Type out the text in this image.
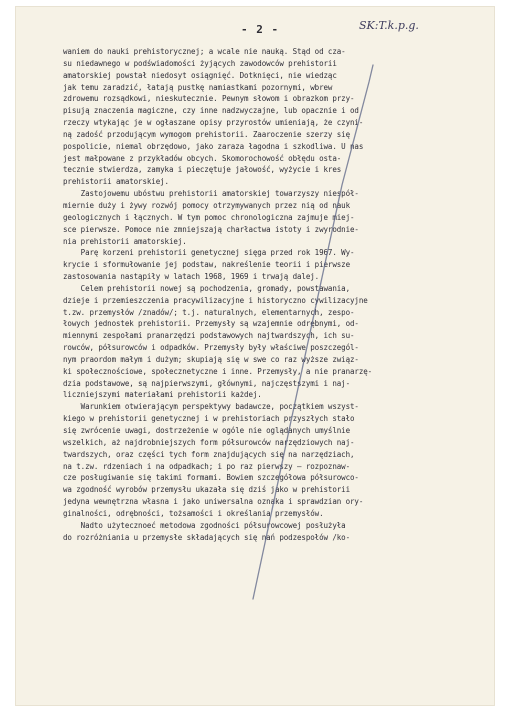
- 2 -	SK:T.k.p.g.
waniem do nauki prehistorycznej; a wcale nie nauką. Stąd od cza-
su niedawnego w podświadomości żyjących zawodowców prehistorii
amatorskiej powstał niedosyt osiągnięć. Dotknięci, nie wiedząc
jak temu zaradzić, łatają pustkę namiastkami pozornymi, wbrew
zdrowemu rozsądkowi, nieskutecznie. Pewnym słowom i obrazkom przy-
pisują znaczenia magiczne, czy inne nadzwyczajne, lub opacznie i od
rzeczy wtykając je w ogłaszane opisy przyrostów umieniają, że czyni-
ną zadość przodującym wymogom prehistorii. Zaaroczenie szerzy się
pospolicie, niemal obrzędowo, jako zaraza łagodna i szkodliwa. U nas
jest małpowane z przykładów obcych. Skomorochowość obłędu osta-
tecznie stwierdza, zamyka i pieczętuje jałowość, wyżycie i kres
prehistorii amatorskiej.
Zastojowemu ubóstwu prehistorii amatorskiej towarzyszy niespół-
miernie duży i żywy rozwój pomocy otrzymywanych przez nią od nauk
geologicznych i łącznych. W tym pomoc chronologiczna zajmuje miej-
sce pierwsze. Pomoce nie zmniejszają charłactwa istoty i zwyrodnie-
nia prehistorii amatorskiej.
Parę korzeni prehistorii genetycznej sięga przed rok 1967. Wy-
krycie i sformułowanie jej podstaw, nakreślenie teorii i pierwsze
zastosowania nastąpiły w latach 1968, 1969 i trwają dalej.
Celem prehistorii nowej są pochodzenia, gromady, powstawania,
dzieje i przemieszczenia pracywilizacyjne i historyczno cywilizacyjne
t.zw. przemysłów /znadów/; t.j. naturalnych, elementarnych, zespo-
łowych jednostek prehistorii. Przemysły są wzajemnie odrębnymi, od-
miennymi zespołami pranarzędzi podstawowych najtwardszych, ich su-
rowców, półsurowców i odpadków. Przemysły były właściwe poszczegól-
nym praordom małym i dużym; skupiają się w swe co raz wyższe związ-
ki społecznościowe, społecznetyczne i inne. Przemysły, a nie pranarzę-
dzia podstawowe, są najpierwszymi, głównymi, najczęstszymi i naj-
liczniejszymi materiałami prehistorii każdej.
Warunkiem otwierającym perspektywy badawcze, początkiem wszyst-
kiego w prehistorii genetycznej i w prehistoriach przyszłych stało
się zwrócenie uwagi, dostrzeżenie w ogóle nie oglądanych umyślnie
wszelkich, aż najdrobniejszych form półsurowców narzędziowych naj-
twardszych, oraz części tych form znajdujących się na narzędziach,
na t.zw. rdzeniach i na odpadkach; i po raz pierwszy — rozpoznaw-
cze posługiwanie się takimi formami. Bowiem szczegółowa półsurowco-
wa zgodność wyrobów przemysłu ukazała się dziś jako w prehistorii
jedyna wewnętrzna własna i jako uniwersalna oznaka i sprawdzian ory-
ginalności, odrębności, tożsamości i określania przemysłów.
Nadto użytecznoeć metodowa zgodności półsurowcowej posłużyła
do rozróżniania u przemysłe składających się nań podzespołów /ko-
